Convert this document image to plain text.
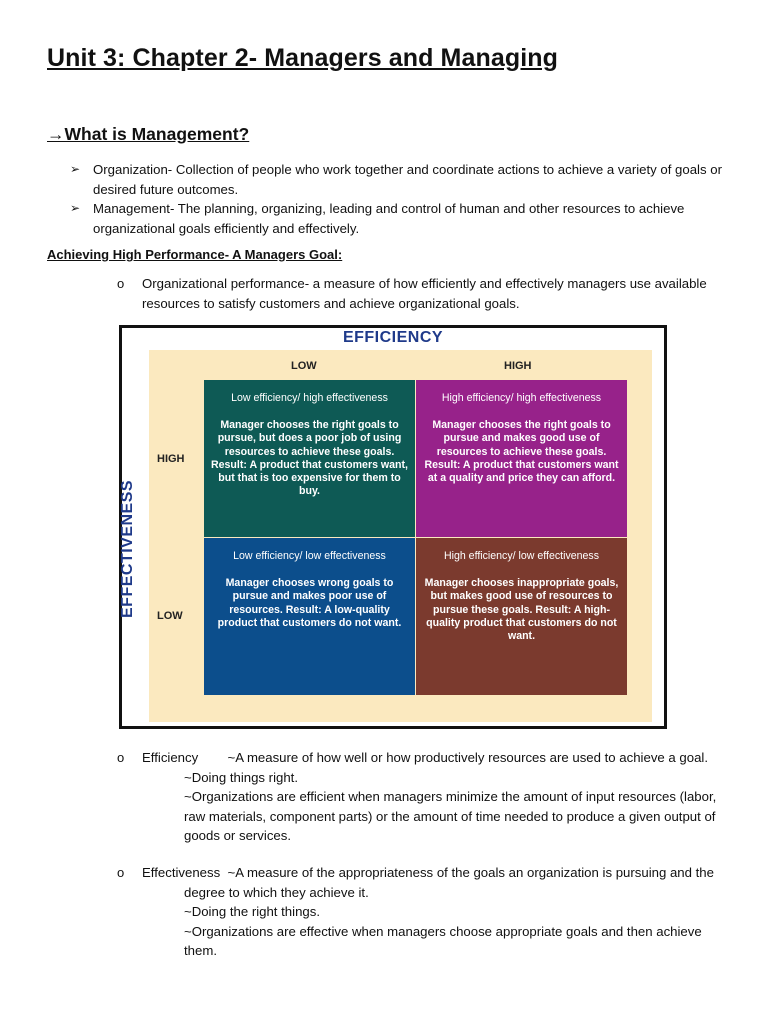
Unit 3: Chapter 2- Managers and Managing
→What is Management?
➢ Organization- Collection of people who work together and coordinate actions to achieve a variety of goals or desired future outcomes.
➢ Management- The planning, organizing, leading and control of human and other resources to achieve organizational goals efficiently and effectively.
Achieving High Performance- A Managers Goal:
o Organizational performance- a measure of how efficiently and effectively managers use available resources to satisfy customers and achieve organizational goals.
EFFICIENCY
LOW	HIGH
HIGH
LOW
EFFECTIVENESS
Low efficiency/ high effectiveness
Manager chooses the right goals to pursue, but does a poor job of using resources to achieve these goals. Result: A product that customers want, but that is too expensive for them to buy.
High efficiency/ high effectiveness
Manager chooses the right goals to pursue and makes good use of resources to achieve these goals. Result: A product that customers want at a quality and price they can afford.
Low efficiency/ low effectiveness
Manager chooses wrong goals to pursue and makes poor use of resources. Result: A low-quality product that customers do not want.
High efficiency/ low effectiveness
Manager chooses inappropriate goals, but makes good use of resources to pursue these goals. Result: A high-quality product that customers do not want.
o Efficiency        ~A measure of how well or how productively resources are used to achieve a goal.
~Doing things right.
~Organizations are efficient when managers minimize the amount of input resources (labor, raw materials, component parts) or the amount of time needed to produce a given output of goods or services.
o Effectiveness  ~A measure of the appropriateness of the goals an organization is pursuing and the
degree to which they achieve it.
~Doing the right things.
~Organizations are effective when managers choose appropriate goals and then achieve them.
